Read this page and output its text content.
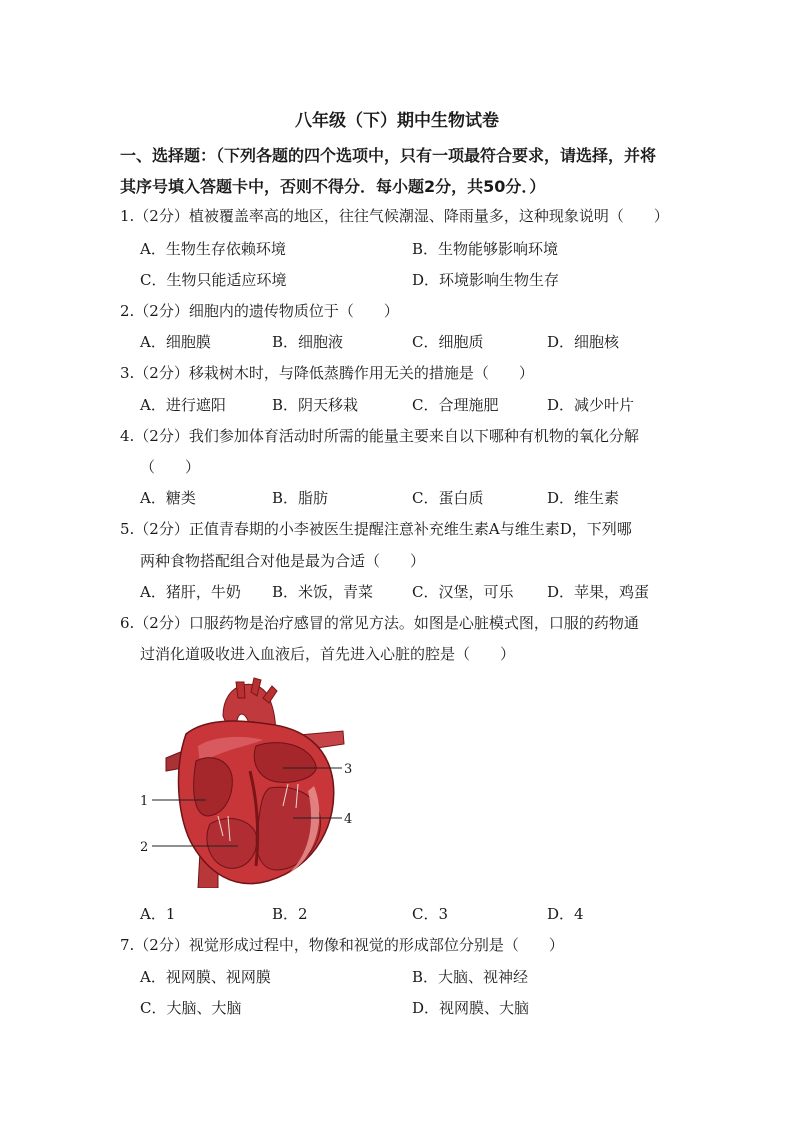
八年级（下）期中生物试卷
一、选择题：（下列各题的四个选项中，只有一项最符合要求，请选择，并将
其序号填入答题卡中，否则不得分．每小题2分，共50分．）
1.（2分）植被覆盖率高的地区，往往气候潮湿、降雨量多，这种现象说明（　　）
A．生物生存依赖环境	B．生物能够影响环境
C．生物只能适应环境	D．环境影响生物生存
2.（2分）细胞内的遗传物质位于（　　）
A．细胞膜	B．细胞液	C．细胞质	D．细胞核
3.（2分）移栽树木时，与降低蒸腾作用无关的措施是（　　）
A．进行遮阳	B．阴天移栽	C．合理施肥	D．减少叶片
4.（2分）我们参加体育活动时所需的能量主要来自以下哪种有机物的氧化分解
（　　）
A．糖类	B．脂肪	C．蛋白质	D．维生素
5.（2分）正值青春期的小李被医生提醒注意补充维生素A与维生素D，下列哪
两种食物搭配组合对他是最为合适（　　）
A．猪肝，牛奶 B．米饭，青菜	C．汉堡，可乐 D．苹果，鸡蛋
6.（2分）口服药物是治疗感冒的常见方法。如图是心脏模式图，口服的药物通
过消化道吸收进入血液后，首先进入心脏的腔是（　　）
1
2
3
4
A．1	B．2	C．3	D．4
7.（2分）视觉形成过程中，物像和视觉的形成部位分别是（　　）
A．视网膜、视网膜	B．大脑、视神经
C．大脑、大脑	D．视网膜、大脑
